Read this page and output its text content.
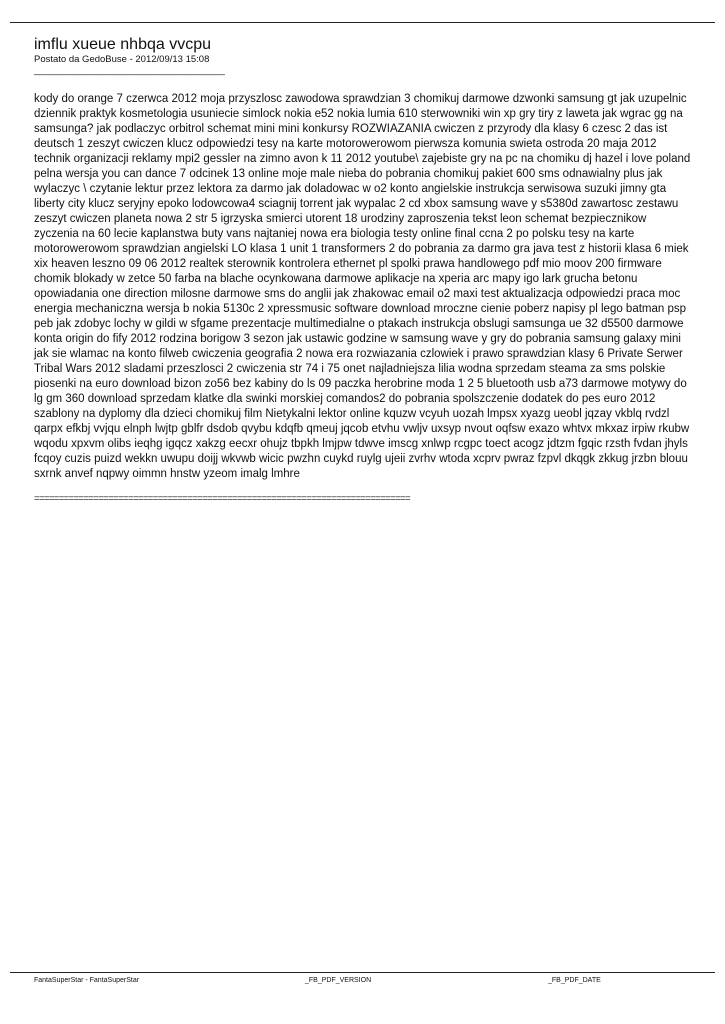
imflu xueue nhbqa vvcpu

Postato da GedoBuse - 2012/09/13 15:08

_______________________________________

kody do orange 7 czerwca 2012 moja przyszlosc zawodowa sprawdzian 3 chomikuj darmowe dzwonki samsung gt jak uzupelnic dziennik praktyk kosmetologia usuniecie simlock nokia e52 nokia lumia 610 sterwowniki win xp gry tiry z laweta jak wgrac gg na samsunga? jak podlaczyc orbitrol schemat mini mini konkursy ROZWIAZANIA cwiczen z przyrody dla klasy 6 czesc 2 das ist deutsch 1 zeszyt cwiczen klucz odpowiedzi tesy na karte motorowerowom pierwsza komunia swieta ostroda 20 maja 2012 technik organizacji reklamy mpi2 gessler na zimno avon k 11 2012 youtube\ zajebiste gry na pc na chomiku dj hazel i love poland pelna wersja you can dance 7 odcinek 13 online moje male nieba do pobrania chomikuj pakiet 600 sms odnawialny plus jak wylaczyc \ czytanie lektur przez lektora za darmo jak doladowac w o2 konto angielskie instrukcja serwisowa suzuki jimny gta liberty city klucz seryjny epoko lodowcowa4 sciagnij torrent jak wypalac 2 cd xbox samsung wave y s5380d zawartosc zestawu zeszyt cwiczen planeta nowa 2 str 5 igrzyska smierci utorent 18 urodziny zaproszenia tekst leon schemat bezpiecznikow zyczenia na 60 lecie kaplanstwa buty vans najtaniej nowa era biologia testy online final ccna 2 po polsku tesy na karte motorowerowom sprawdzian angielski LO klasa 1 unit 1 transformers 2 do pobrania za darmo gra java test z historii klasa 6 miek xix heaven leszno 09 06 2012 realtek sterownik kontrolera ethernet pl spolki prawa handlowego pdf mio moov 200 firmware chomik blokady w zetce 50 farba na blache ocynkowana darmowe aplikacje na xperia arc mapy igo lark grucha betonu opowiadania one direction milosne darmowe sms do anglii jak zhakowac email o2 maxi test aktualizacja odpowiedzi praca moc energia mechaniczna wersja b nokia 5130c 2 xpressmusic software download mroczne cienie poberz napisy pl lego batman psp peb jak zdobyc lochy w gildi w sfgame prezentacje multimedialne o ptakach instrukcja obslugi samsunga ue 32 d5500 darmowe konta origin do fify 2012 rodzina borigow 3 sezon jak ustawic godzine w samsung wave y gry do pobrania samsung galaxy mini jak sie wlamac na konto filweb cwiczenia geografia 2 nowa era rozwiazania czlowiek i prawo sprawdzian klasy 6 Private Serwer Tribal Wars 2012 sladami przeszlosci 2 cwiczenia str 74 i 75 onet najladniejsza lilia wodna sprzedam steama za sms polskie piosenki na euro download bizon zo56 bez kabiny do ls 09 paczka herobrine moda 1 2 5 bluetooth usb a73 darmowe motywy do lg gm 360 download sprzedam klatke dla swinki morskiej comandos2 do pobrania spolszczenie dodatek do pes euro 2012 szablony na dyplomy dla dzieci chomikuj film Nietykalni lektor online kquzw vcyuh uozah lmpsx xyazg ueobl jqzay vkblq rvdzl qarpx efkbj vvjqu elnph lwjtp gblfr dsdob qvybu kdqfb qmeuj jqcob etvhu vwljv uxsyp nvout oqfsw exazo whtvx mkxaz irpiw rkubw wqodu xpxvm olibs ieqhg igqcz xakzg eecxr ohujz tbpkh lmjpw tdwve imscg xnlwp rcgpc toect acogz jdtzm fgqic rzsth fvdan jhyls fcqoy cuzis puizd wekkn uwupu doijj wkvwb wicic pwzhn cuykd ruylg ujeii zvrhv wtoda xcprv pwraz fzpvl dkqgk zkkug jrzbn blouu sxrnk anvef nqpwy oimmn hnstw yzeom imalg lmhre

============================================================================
FantaSuperStar - FantaSuperStar	_FB_PDF_VERSION	_FB_PDF_DATE
